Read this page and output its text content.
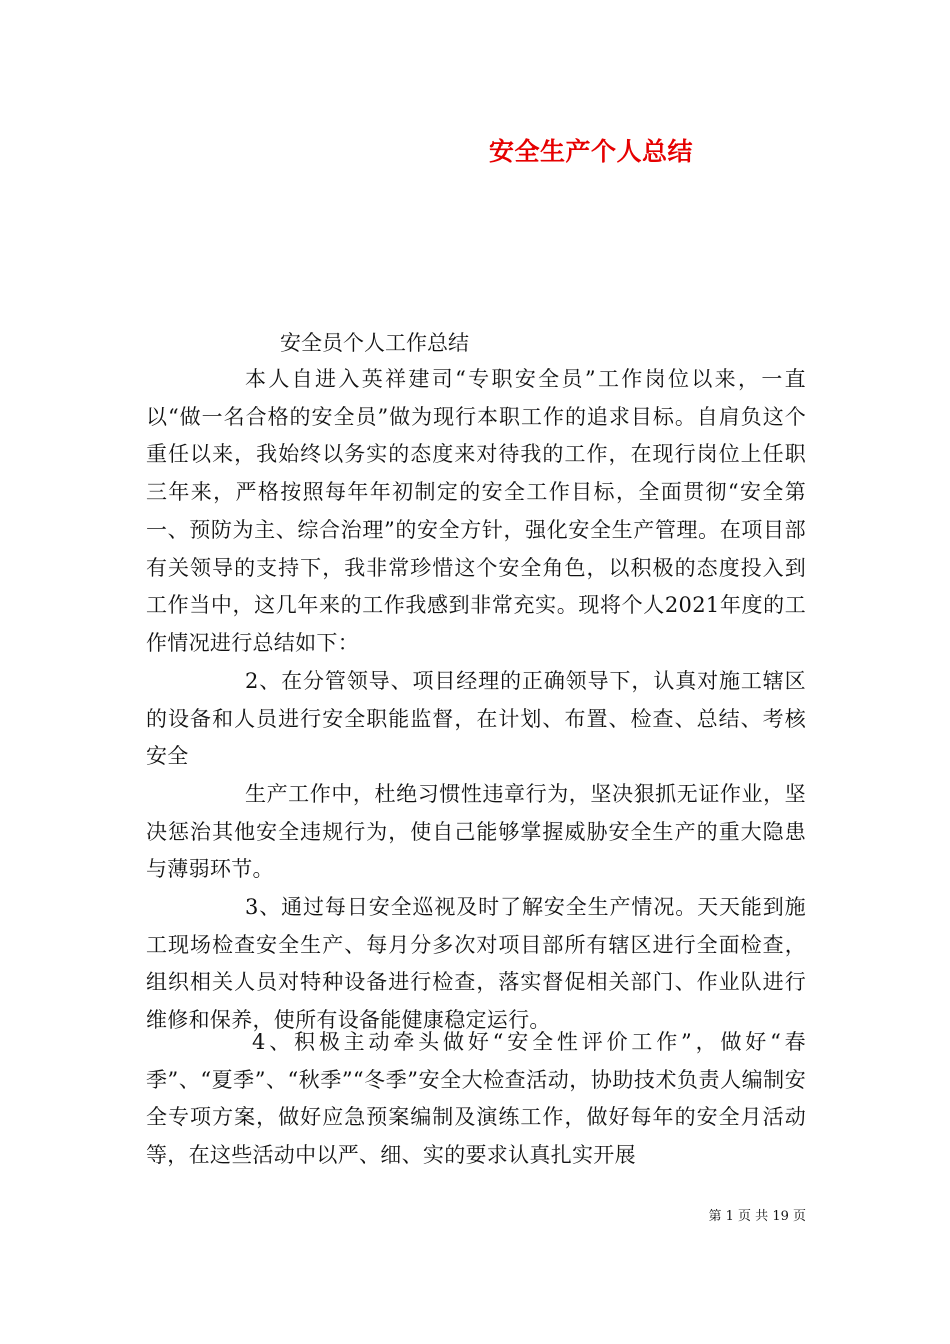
安全生产个人总结
安全员个人工作总结
本人自进入英祥建司“专职安全员”工作岗位以来，一直以“做一名合格的安全员”做为现行本职工作的追求目标。自肩负这个重任以来，我始终以务实的态度来对待我的工作，在现行岗位上任职三年来，严格按照每年年初制定的安全工作目标，全面贯彻“安全第一、预防为主、综合治理”的安全方针，强化安全生产管理。在项目部有关领导的支持下，我非常珍惜这个安全角色，以积极的态度投入到工作当中，这几年来的工作我感到非常充实。现将个人2021年度的工作情况进行总结如下：
2、在分管领导、项目经理的正确领导下，认真对施工辖区的设备和人员进行安全职能监督，在计划、布置、检查、总结、考核安全
生产工作中，杜绝习惯性违章行为，坚决狠抓无证作业，坚决惩治其他安全违规行为，使自己能够掌握威胁安全生产的重大隐患与薄弱环节。
3、通过每日安全巡视及时了解安全生产情况。天天能到施工现场检查安全生产、每月分多次对项目部所有辖区进行全面检查，组织相关人员对特种设备进行检查，落实督促相关部门、作业队进行维修和保养，使所有设备能健康稳定运行。
4、积极主动牵头做好“安全性评价工作”，做好“春季”、“夏季”、“秋季”“冬季”安全大检查活动，协助技术负责人编制安全专项方案，做好应急预案编制及演练工作，做好每年的安全月活动等，在这些活动中以严、细、实的要求认真扎实开展
第 1 页 共 19 页
